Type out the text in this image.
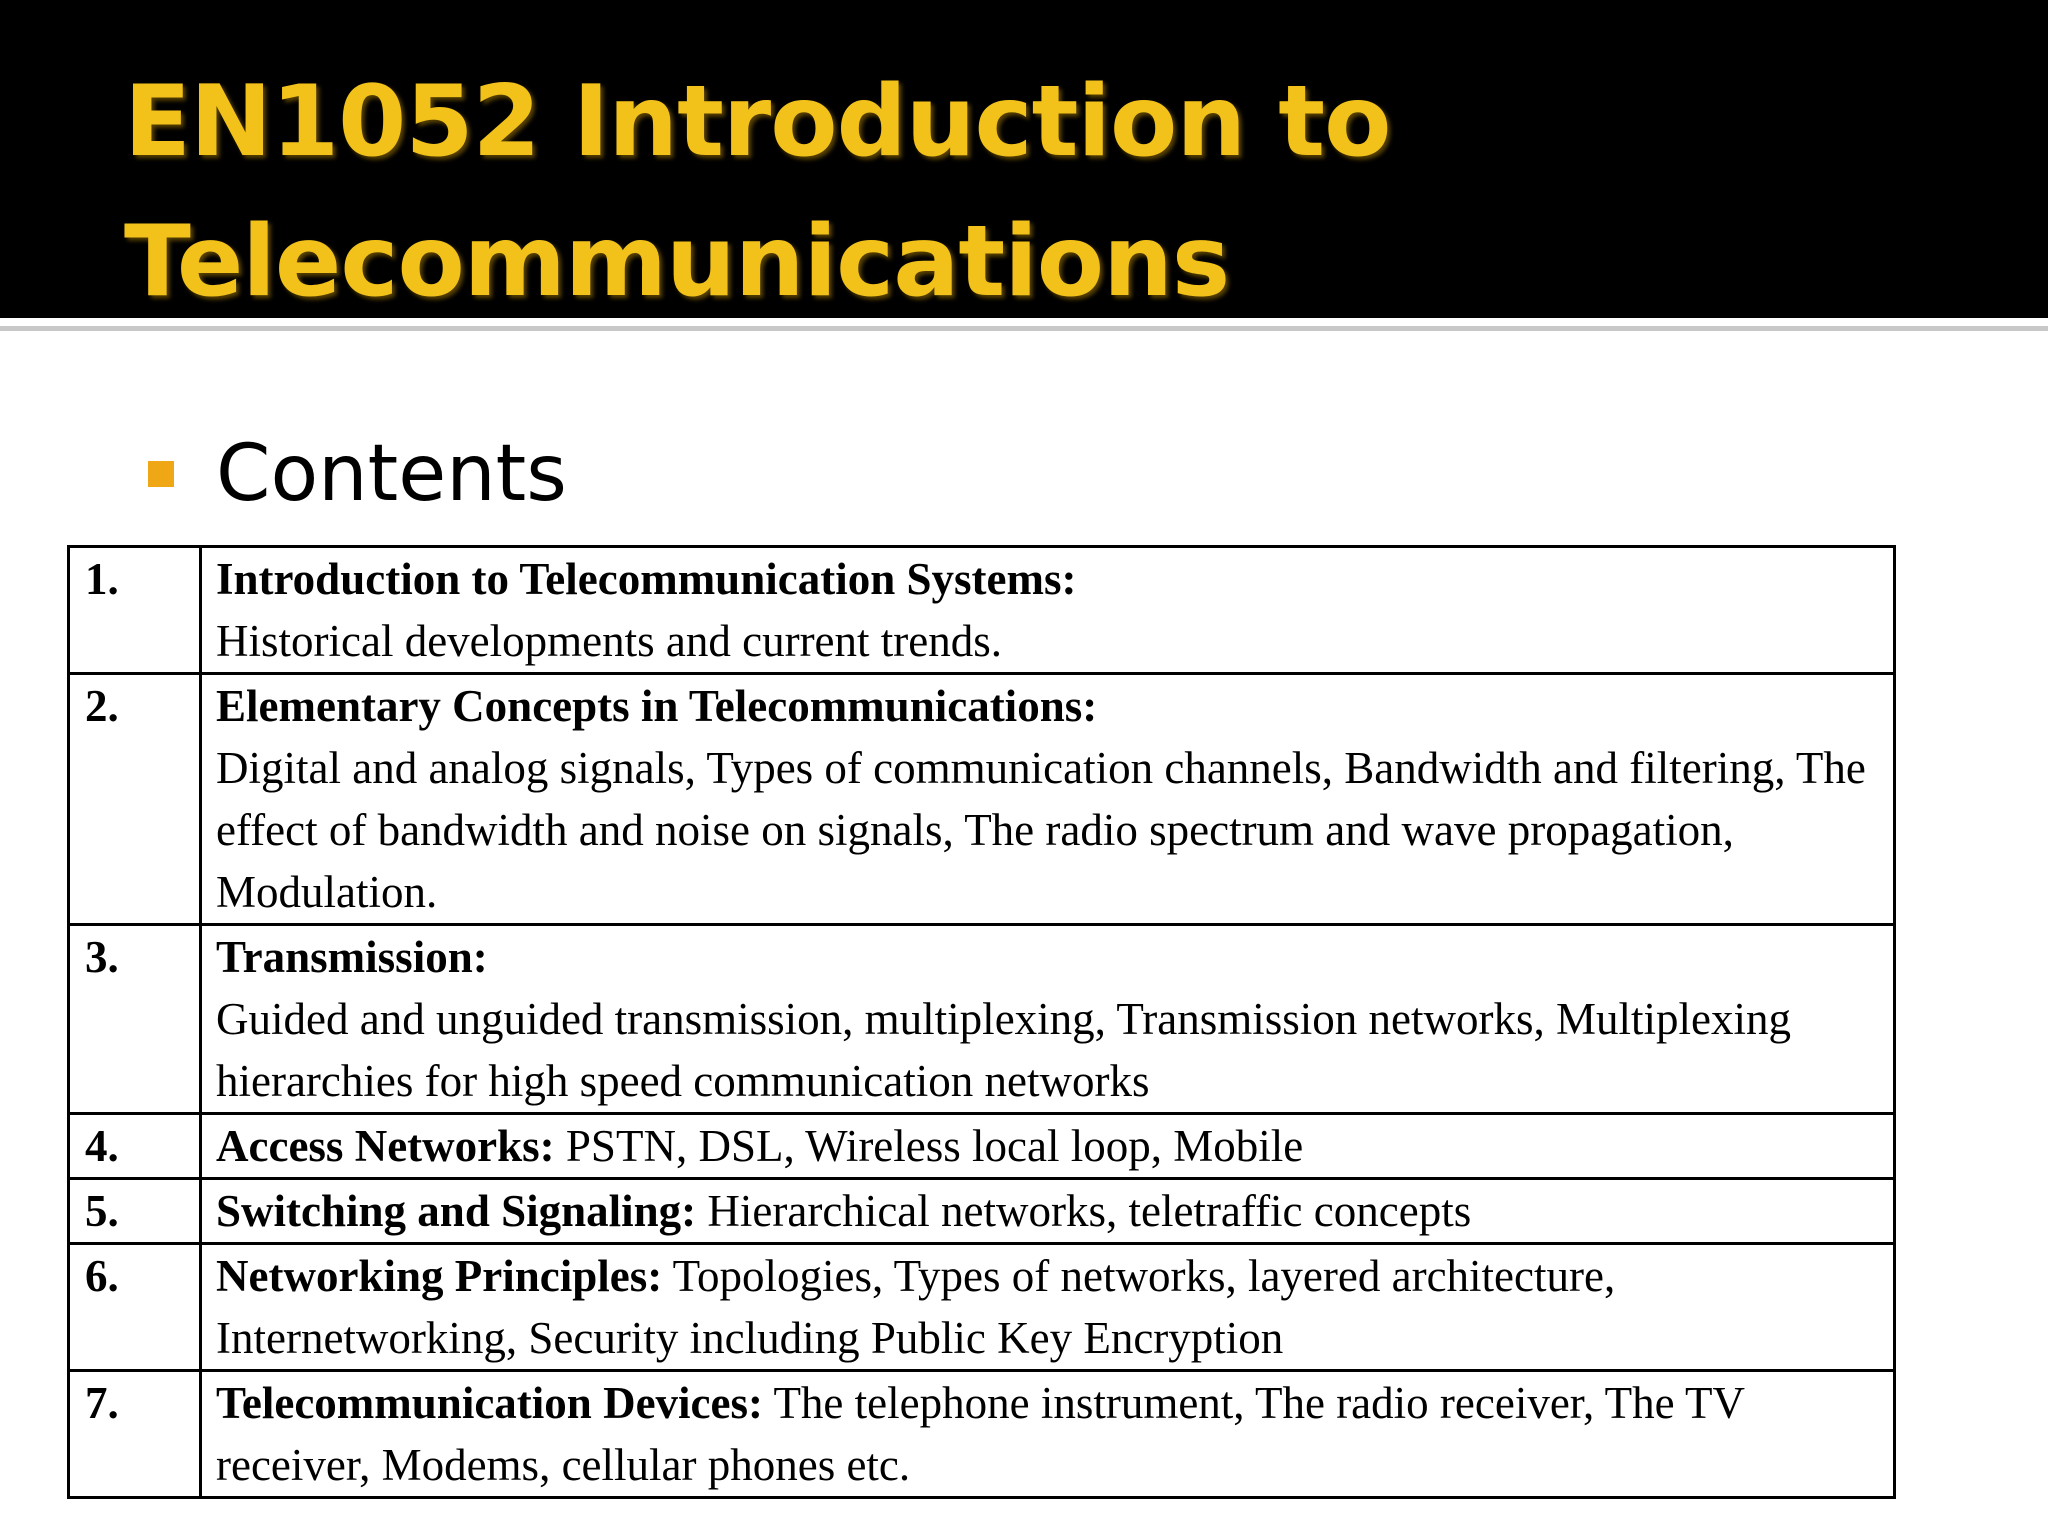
EN1052 Introduction to
Telecommunications
Contents
1.	Introduction to Telecommunication Systems:
Historical developments and current trends.

2.	Elementary Concepts in Telecommunications:
Digital and analog signals, Types of communication channels, Bandwidth and filtering, The effect of bandwidth and noise on signals, The radio spectrum and wave propagation, Modulation.

3.	Transmission:
Guided and unguided transmission, multiplexing, Transmission networks, Multiplexing hierarchies for high speed communication networks

4.	Access Networks: PSTN, DSL, Wireless local loop, Mobile
5.	Switching and Signaling: Hierarchical networks, teletraffic concepts
6.	Networking Principles: Topologies, Types of networks, layered architecture, Internetworking, Security including Public Key Encryption
7.	Telecommunication Devices: The telephone instrument, The radio receiver, The TV receiver, Modems, cellular phones etc.
